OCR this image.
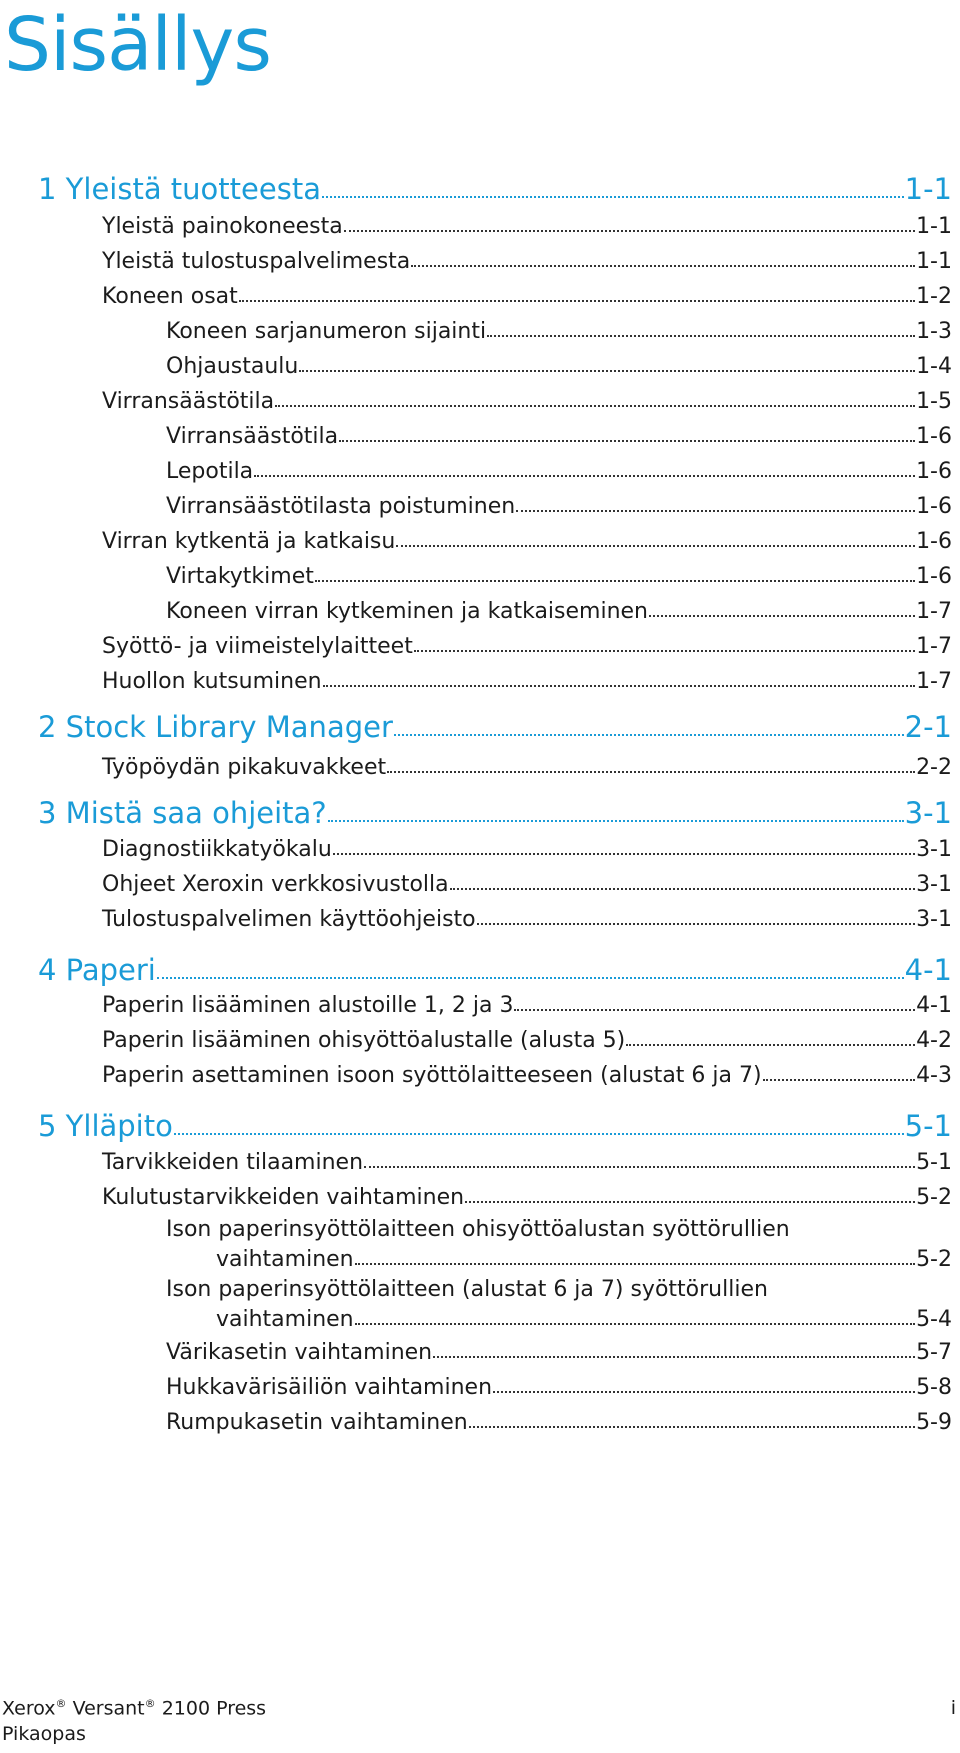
Sisällys
1 Yleistä tuotteesta	1-1
Yleistä painokoneesta	1-1
Yleistä tulostuspalvelimesta	1-1
Koneen osat	1-2
Koneen sarjanumeron sijainti	1-3
Ohjaustaulu	1-4
Virransäästötila	1-5
Virransäästötila	1-6
Lepotila	1-6
Virransäästötilasta poistuminen	1-6
Virran kytkentä ja katkaisu	1-6
Virtakytkimet	1-6
Koneen virran kytkeminen ja katkaiseminen	1-7
Syöttö- ja viimeistelylaitteet	1-7
Huollon kutsuminen	1-7
2 Stock Library Manager	2-1
Työpöydän pikakuvakkeet	2-2
3 Mistä saa ohjeita?	3-1
Diagnostiikkatyökalu	3-1
Ohjeet Xeroxin verkkosivustolla	3-1
Tulostuspalvelimen käyttöohjeisto	3-1
4 Paperi	4-1
Paperin lisääminen alustoille 1, 2 ja 3	4-1
Paperin lisääminen ohisyöttöalustalle (alusta 5)	4-2
Paperin asettaminen isoon syöttölaitteeseen (alustat 6 ja 7)	4-3
5 Ylläpito	5-1
Tarvikkeiden tilaaminen	5-1
Kulutustarvikkeiden vaihtaminen	5-2
Ison paperinsyöttölaitteen ohisyöttöalustan syöttörullien
vaihtaminen	5-2
Ison paperinsyöttölaitteen (alustat 6 ja 7) syöttörullien
vaihtaminen	5-4
Värikasetin vaihtaminen	5-7
Hukkavärisäiliön vaihtaminen	5-8
Rumpukasetin vaihtaminen	5-9
Xerox® Versant® 2100 Press
Pikaopas
i
